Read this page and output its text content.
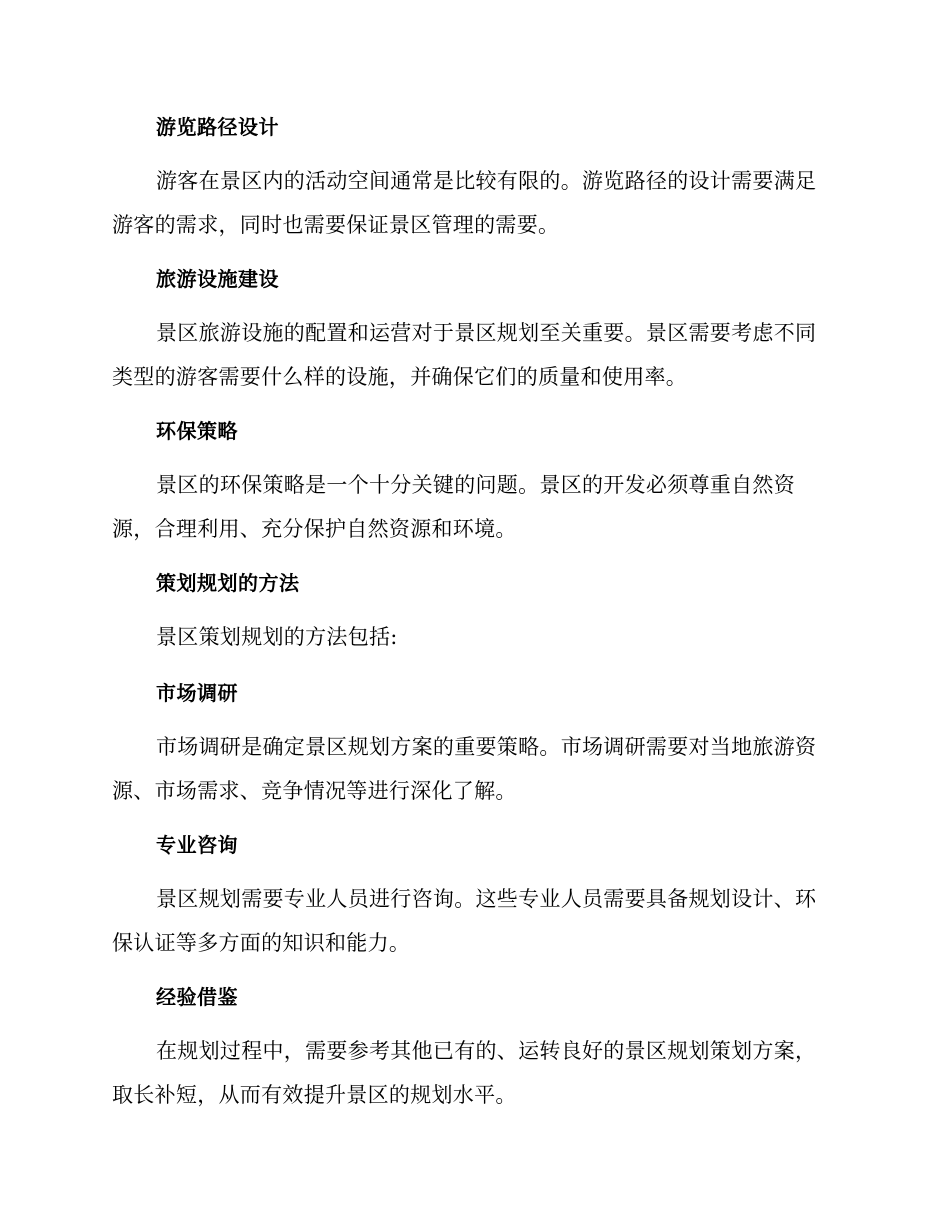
游览路径设计

游客在景区内的活动空间通常是比较有限的。游览路径的设计需要满足游客的需求，同时也需要保证景区管理的需要。

旅游设施建设

景区旅游设施的配置和运营对于景区规划至关重要。景区需要考虑不同类型的游客需要什么样的设施，并确保它们的质量和使用率。

环保策略

景区的环保策略是一个十分关键的问题。景区的开发必须尊重自然资源，合理利用、充分保护自然资源和环境。

策划规划的方法

景区策划规划的方法包括:

市场调研

市场调研是确定景区规划方案的重要策略。市场调研需要对当地旅游资源、市场需求、竞争情况等进行深化了解。

专业咨询

景区规划需要专业人员进行咨询。这些专业人员需要具备规划设计、环保认证等多方面的知识和能力。

经验借鉴

在规划过程中，需要参考其他已有的、运转良好的景区规划策划方案，取长补短，从而有效提升景区的规划水平。
